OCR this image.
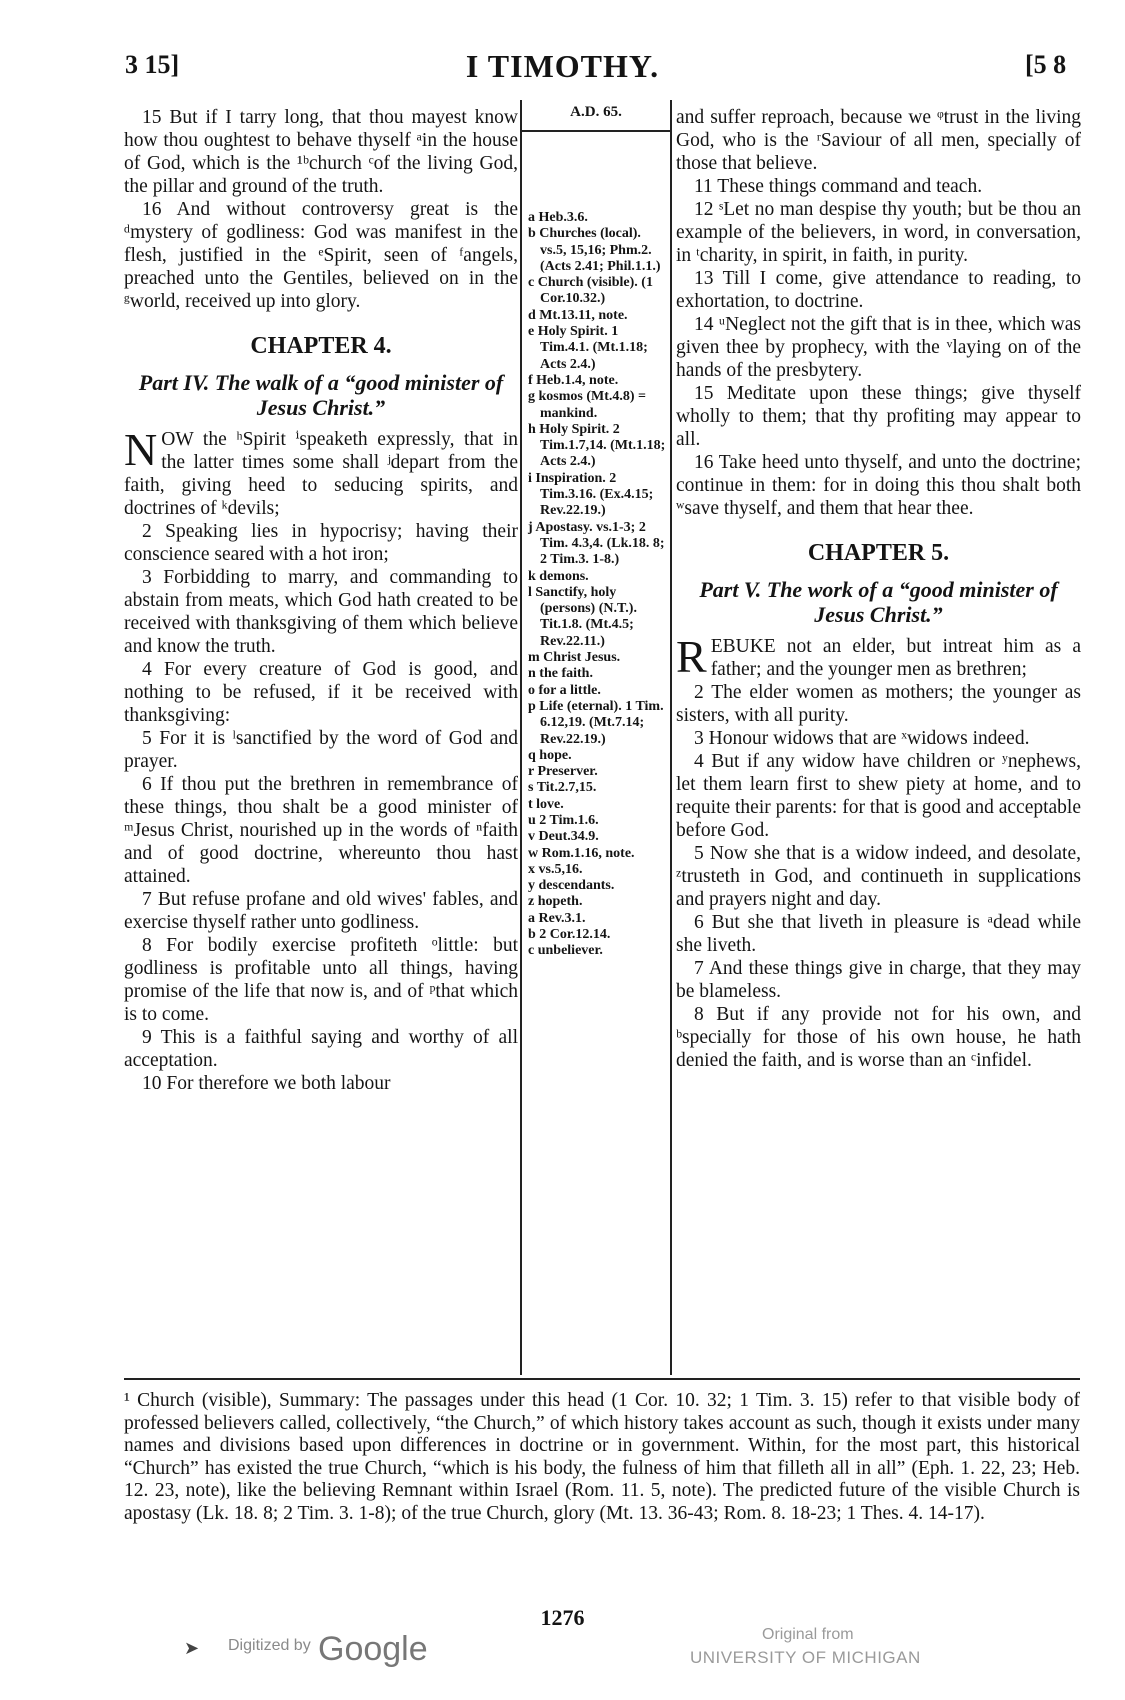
3 15]	I TIMOTHY.	[5 8

15 But if I tarry long, that thou mayest know how thou oughtest to behave thyself ᵃin the house of God, which is the ¹ᵇchurch ᶜof the living God, the pillar and ground of the truth.

16 And without controversy great is the ᵈmystery of godliness: God was manifest in the flesh, justified in the ᵉSpirit, seen of ᶠangels, preached unto the Gentiles, believed on in the ᵍworld, received up into glory.

CHAPTER 4.
Part IV. The walk of a “good minister of Jesus Christ.”

NOW the ʰSpirit ⁱspeaketh expressly, that in the latter times some shall ʲdepart from the faith, giving heed to seducing spirits, and doctrines of ᵏdevils;

2 Speaking lies in hypocrisy; having their conscience seared with a hot iron;

3 Forbidding to marry, and commanding to abstain from meats, which God hath created to be received with thanksgiving of them which believe and know the truth.

4 For every creature of God is good, and nothing to be refused, if it be received with thanksgiving:

5 For it is ˡsanctified by the word of God and prayer.

6 If thou put the brethren in remembrance of these things, thou shalt be a good minister of ᵐJesus Christ, nourished up in the words of ⁿfaith and of good doctrine, whereunto thou hast attained.

7 But refuse profane and old wives' fables, and exercise thyself rather unto godliness.

8 For bodily exercise profiteth ᵒlittle: but godliness is profitable unto all things, having promise of the life that now is, and of ᵖthat which is to come.

9 This is a faithful saying and worthy of all acceptation.

10 For therefore we both labour

A.D. 65.
a Heb.3.6.
b Churches (local). vs.5, 15,16; Phm.2. (Acts 2.41; Phil.1.1.)
c Church (visible). (1 Cor.10.32.)
d Mt.13.11, note.
e Holy Spirit. 1 Tim.4.1. (Mt.1.18; Acts 2.4.)
f Heb.1.4, note.
g kosmos (Mt.4.8) = mankind.
h Holy Spirit. 2 Tim.1.7,14. (Mt.1.18; Acts 2.4.)
i Inspiration. 2 Tim.3.16. (Ex.4.15; Rev.22.19.)
j Apostasy. vs.1-3; 2 Tim. 4.3,4. (Lk.18. 8; 2 Tim.3. 1-8.)
k demons.
l Sanctify, holy (persons) (N.T.). Tit.1.8. (Mt.4.5; Rev.22.11.)
m Christ Jesus.
n the faith.
o for a little.
p Life (eternal). 1 Tim. 6.12,19. (Mt.7.14; Rev.22.19.)
q hope.
r Preserver.
s Tit.2.7,15.
t love.
u 2 Tim.1.6.
v Deut.34.9.
w Rom.1.16, note.
x vs.5,16.
y descendants.
z hopeth.
a Rev.3.1.
b 2 Cor.12.14.
c unbeliever.

and suffer reproach, because we ᵠtrust in the living God, who is the ʳSaviour of all men, specially of those that believe.

11 These things command and teach.

12 ˢLet no man despise thy youth; but be thou an example of the believers, in word, in conversation, in ᵗcharity, in spirit, in faith, in purity.

13 Till I come, give attendance to reading, to exhortation, to doctrine.

14 ᵘNeglect not the gift that is in thee, which was given thee by prophecy, with the ᵛlaying on of the hands of the presbytery.

15 Meditate upon these things; give thyself wholly to them; that thy profiting may appear to all.

16 Take heed unto thyself, and unto the doctrine; continue in them: for in doing this thou shalt both ʷsave thyself, and them that hear thee.

CHAPTER 5.
Part V. The work of a “good minister of Jesus Christ.”

REBUKE not an elder, but intreat him as a father; and the younger men as brethren;

2 The elder women as mothers; the younger as sisters, with all purity.

3 Honour widows that are ˣwidows indeed.

4 But if any widow have children or ʸnephews, let them learn first to shew piety at home, and to requite their parents: for that is good and acceptable before God.

5 Now she that is a widow indeed, and desolate, ᶻtrusteth in God, and continueth in supplications and prayers night and day.

6 But she that liveth in pleasure is ᵃdead while she liveth.

7 And these things give in charge, that they may be blameless.

8 But if any provide not for his own, and ᵇspecially for those of his own house, he hath denied the faith, and is worse than an ᶜinfidel.

¹ Church (visible), Summary: The passages under this head (1 Cor. 10. 32; 1 Tim. 3. 15) refer to that visible body of professed believers called, collectively, “the Church,” of which history takes account as such, though it exists under many names and divisions based upon differences in doctrine or in government. Within, for the most part, this historical “Church” has existed the true Church, “which is his body, the fulness of him that filleth all in all” (Eph. 1. 22, 23; Heb. 12. 23, note), like the believing Remnant within Israel (Rom. 11. 5, note). The predicted future of the visible Church is apostasy (Lk. 18. 8; 2 Tim. 3. 1-8); of the true Church, glory (Mt. 13. 36-43; Rom. 8. 18-23; 1 Thes. 4. 14-17).
1276
➤ Digitized by Google	Original from
UNIVERSITY OF MICHIGAN
